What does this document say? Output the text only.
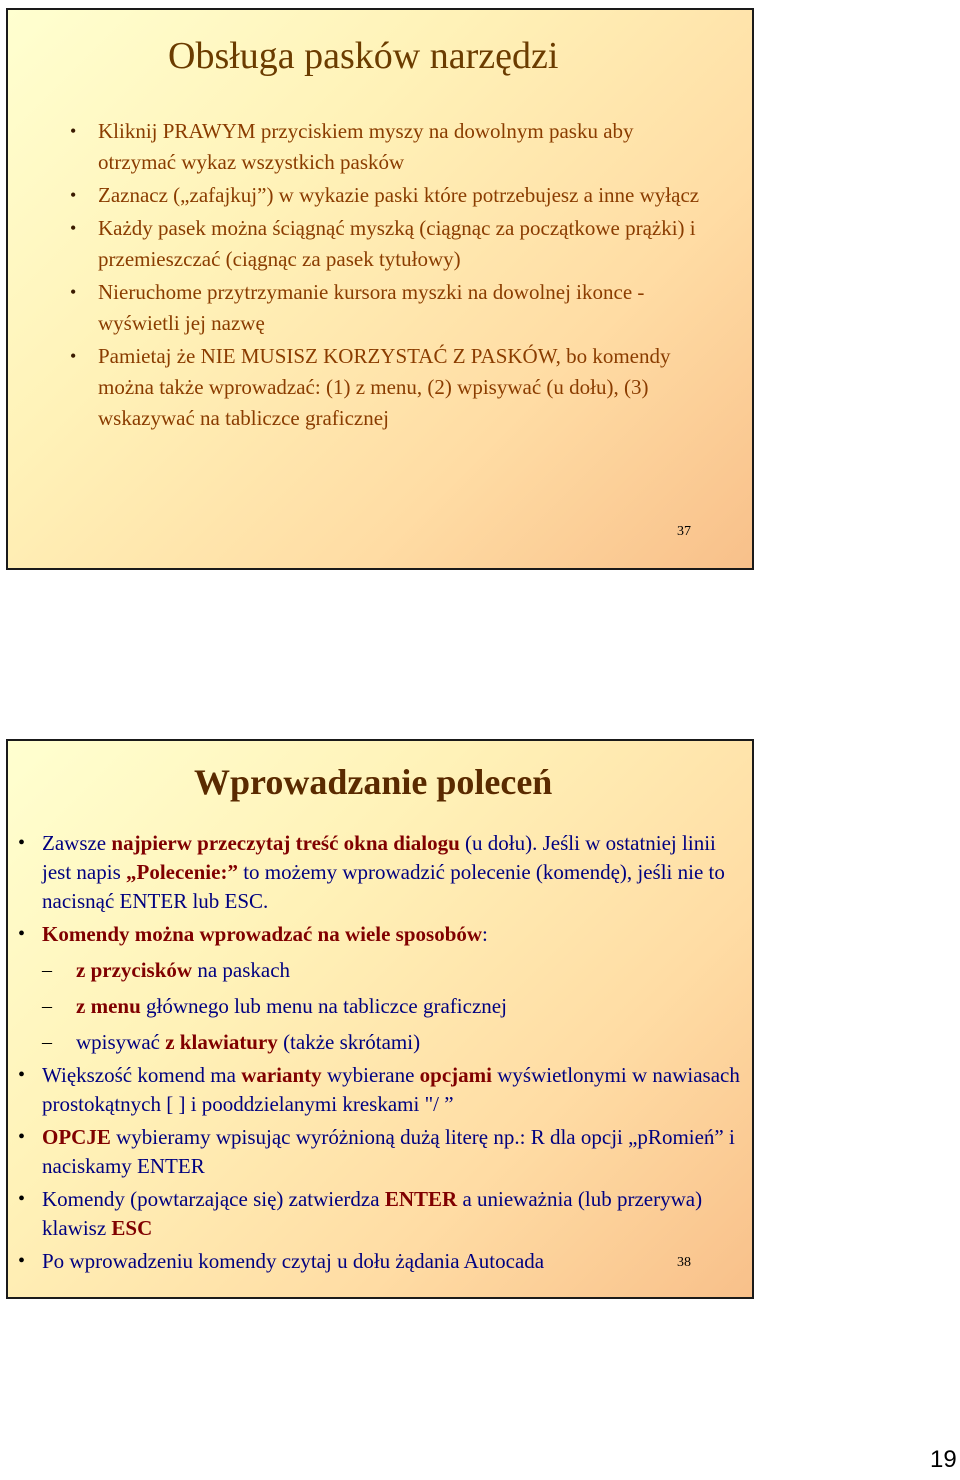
Obsługa pasków narzędzi
• Kliknij PRAWYM przyciskiem myszy na dowolnym pasku aby otrzymać wykaz wszystkich pasków
• Zaznacz („zafajkuj”) w wykazie paski które potrzebujesz a inne wyłącz
• Każdy pasek można ściągnąć myszką (ciągnąc za początkowe prążki) i przemieszczać (ciągnąc za pasek tytułowy)
• Nieruchome przytrzymanie kursora myszki na dowolnej ikonce - wyświetli jej nazwę
• Pamietaj że NIE MUSISZ KORZYSTAĆ Z PASKÓW, bo komendy można także wprowadzać: (1) z menu, (2) wpisywać (u dołu), (3) wskazywać na tabliczce graficznej
37
Wprowadzanie poleceń
• Zawsze najpierw przeczytaj treść okna dialogu (u dołu). Jeśli w ostatniej linii jest napis „Polecenie:” to możemy wprowadzić polecenie (komendę), jeśli nie to nacisnąć ENTER lub ESC.
• Komendy można wprowadzać na wiele sposobów:
– z przycisków na paskach
– z menu głównego lub menu na tabliczce graficznej
– wpisywać z klawiatury (także skrótami)
• Większość komend ma warianty wybierane opcjami wyświetlonymi w nawiasach prostokątnych [ ] i pooddzielanymi kreskami "/ ”
• OPCJE wybieramy wpisując wyróżnioną dużą literę np.: R dla opcji „pRomień” i naciskamy ENTER
• Komendy (powtarzające się) zatwierdza ENTER a unieważnia (lub przerywa) klawisz ESC
• Po wprowadzeniu komendy czytaj u dołu żądania Autocada	38
19
